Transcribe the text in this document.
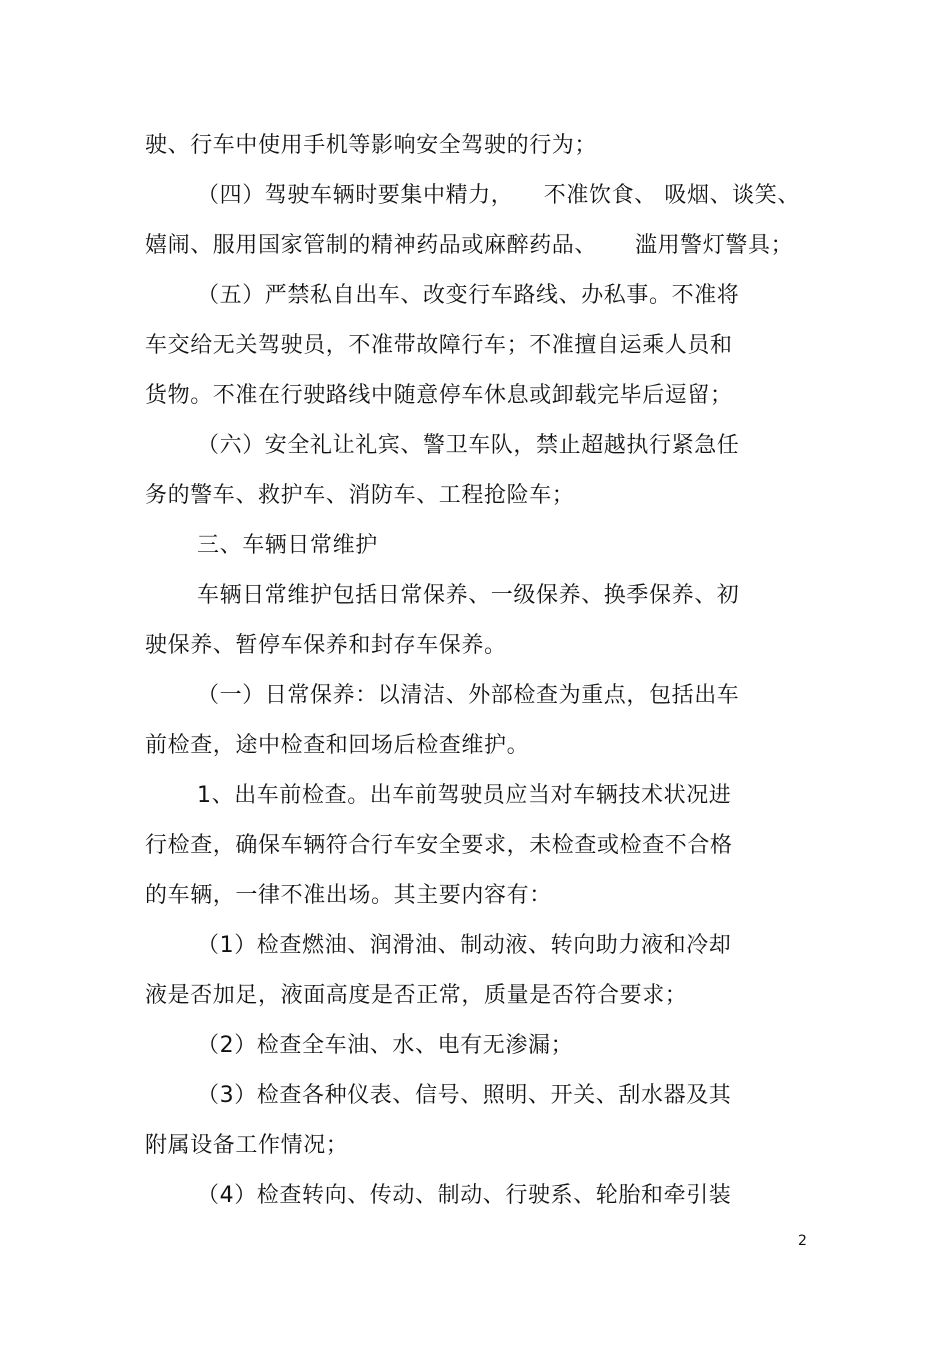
驶、行车中使用手机等影响安全驾驶的行为；
（四）驾驶车辆时要集中精力，    不准饮食、 吸烟、谈笑、
嬉闹、服用国家管制的精神药品或麻醉药品、     滥用警灯警具；
（五）严禁私自出车、改变行车路线、办私事。不准将
车交给无关驾驶员，不准带故障行车；不准擅自运乘人员和
货物。不准在行驶路线中随意停车休息或卸载完毕后逗留；
（六）安全礼让礼宾、警卫车队，禁止超越执行紧急任
务的警车、救护车、消防车、工程抢险车；
三、车辆日常维护
车辆日常维护包括日常保养、一级保养、换季保养、初
驶保养、暂停车保养和封存车保养。
（一）日常保养：以清洁、外部检查为重点，包括出车
前检查，途中检查和回场后检查维护。
1、出车前检查。出车前驾驶员应当对车辆技术状况进
行检查，确保车辆符合行车安全要求，未检查或检查不合格
的车辆，一律不准出场。其主要内容有：
（1）检查燃油、润滑油、制动液、转向助力液和冷却
液是否加足，液面高度是否正常，质量是否符合要求；
（2）检查全车油、水、电有无渗漏；
（3）检查各种仪表、信号、照明、开关、刮水器及其
附属设备工作情况；
（4）检查转向、传动、制动、行驶系、轮胎和牵引装
2
